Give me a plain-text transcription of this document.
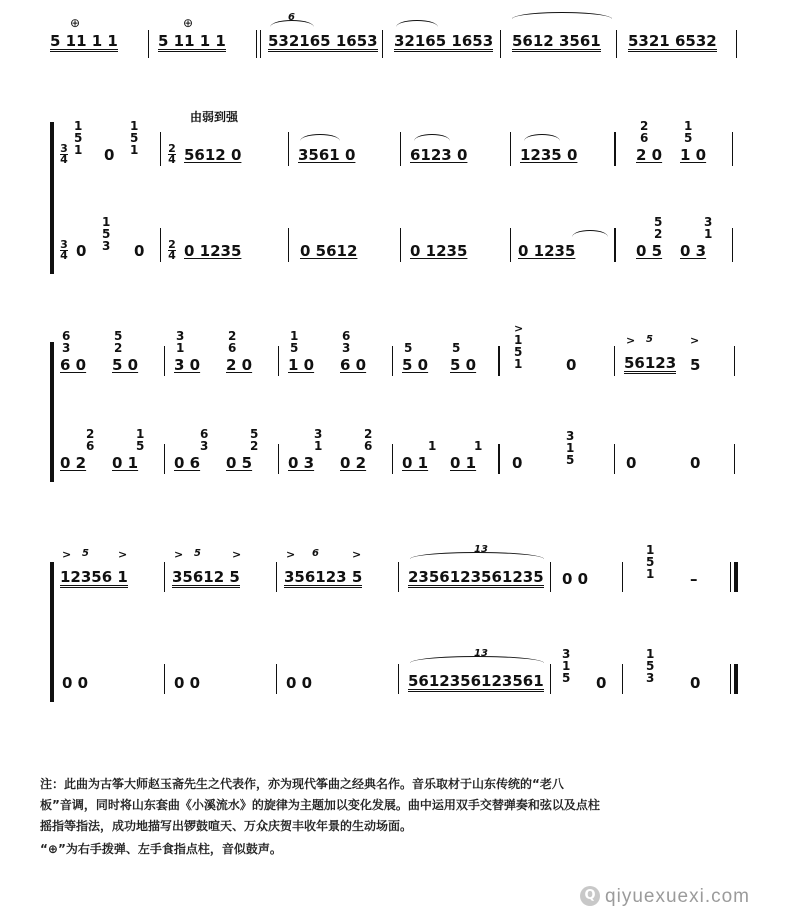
⊕	⊕
5 11 1 1	5 11 1 1
6
532165 1653 32165 1653 5612 3561 5321 6532
由弱到强
3
4
1
5
1 0
1
5
1	2
4 5612 0	3561 0	6123 0	1235 0
2
6
2 0
1
5
1 0
3
4 0
1
5
3 0 2
4 0 1235	0 5612	0 1235	0 1235
5
2
0 5
3
1
0 3
6
3
6 0
5
2
5 0
3
1
3 0
2
6
2 0
1
5
1 0
6
3
6 0
5
5 0
5
5 0
>
1
5
1	0
> 5
56123
>
5
0 2
2
6
0 1
1
5
0 6
6
3
0 5
5
2
0 3
3
1
0 2
2
6
0 1
1
0 1
1
0
3
1
5	0	0
> 5	>
12356 1
> 5	>
35612 5
> 6	>
356123 5
13
2356123561235 0 0
1
5
1 –
0 0	0 0	0 0
13
5612356123561
3
1
5 0
1
5
3 0
注：此曲为古筝大师赵玉斋先生之代表作，亦为现代筝曲之经典名作。音乐取材于山东传统的“老八
板”音调，同时将山东套曲《小溪流水》的旋律为主题加以变化发展。曲中运用双手交替弹奏和弦以及点柱
摇指等指法，成功地描写出锣鼓喧天、万众庆贺丰收年景的生动场面。
“⊕”为右手拨弹、左手食指点柱，音似鼓声。
Q qiyuexuexi.com
